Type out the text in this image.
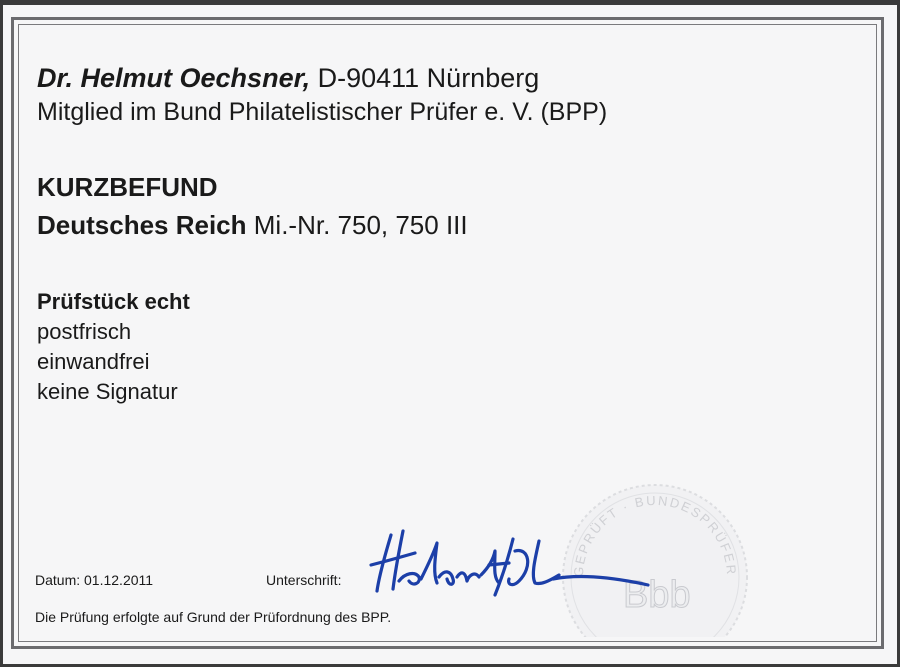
Dr. Helmut Oechsner, D-90411 Nürnberg
Mitglied im Bund Philatelistischer Prüfer e. V. (BPP)
KURZBEFUND
Deutsches Reich Mi.-Nr. 750, 750 III
Prüfstück echt
postfrisch
einwandfrei
keine Signatur
GEPRÜFT · BUNDESPRÜFER
Bbb
Datum: 01.12.2011	Unterschrift:
Die Prüfung erfolgte auf Grund der Prüfordnung des BPP.
